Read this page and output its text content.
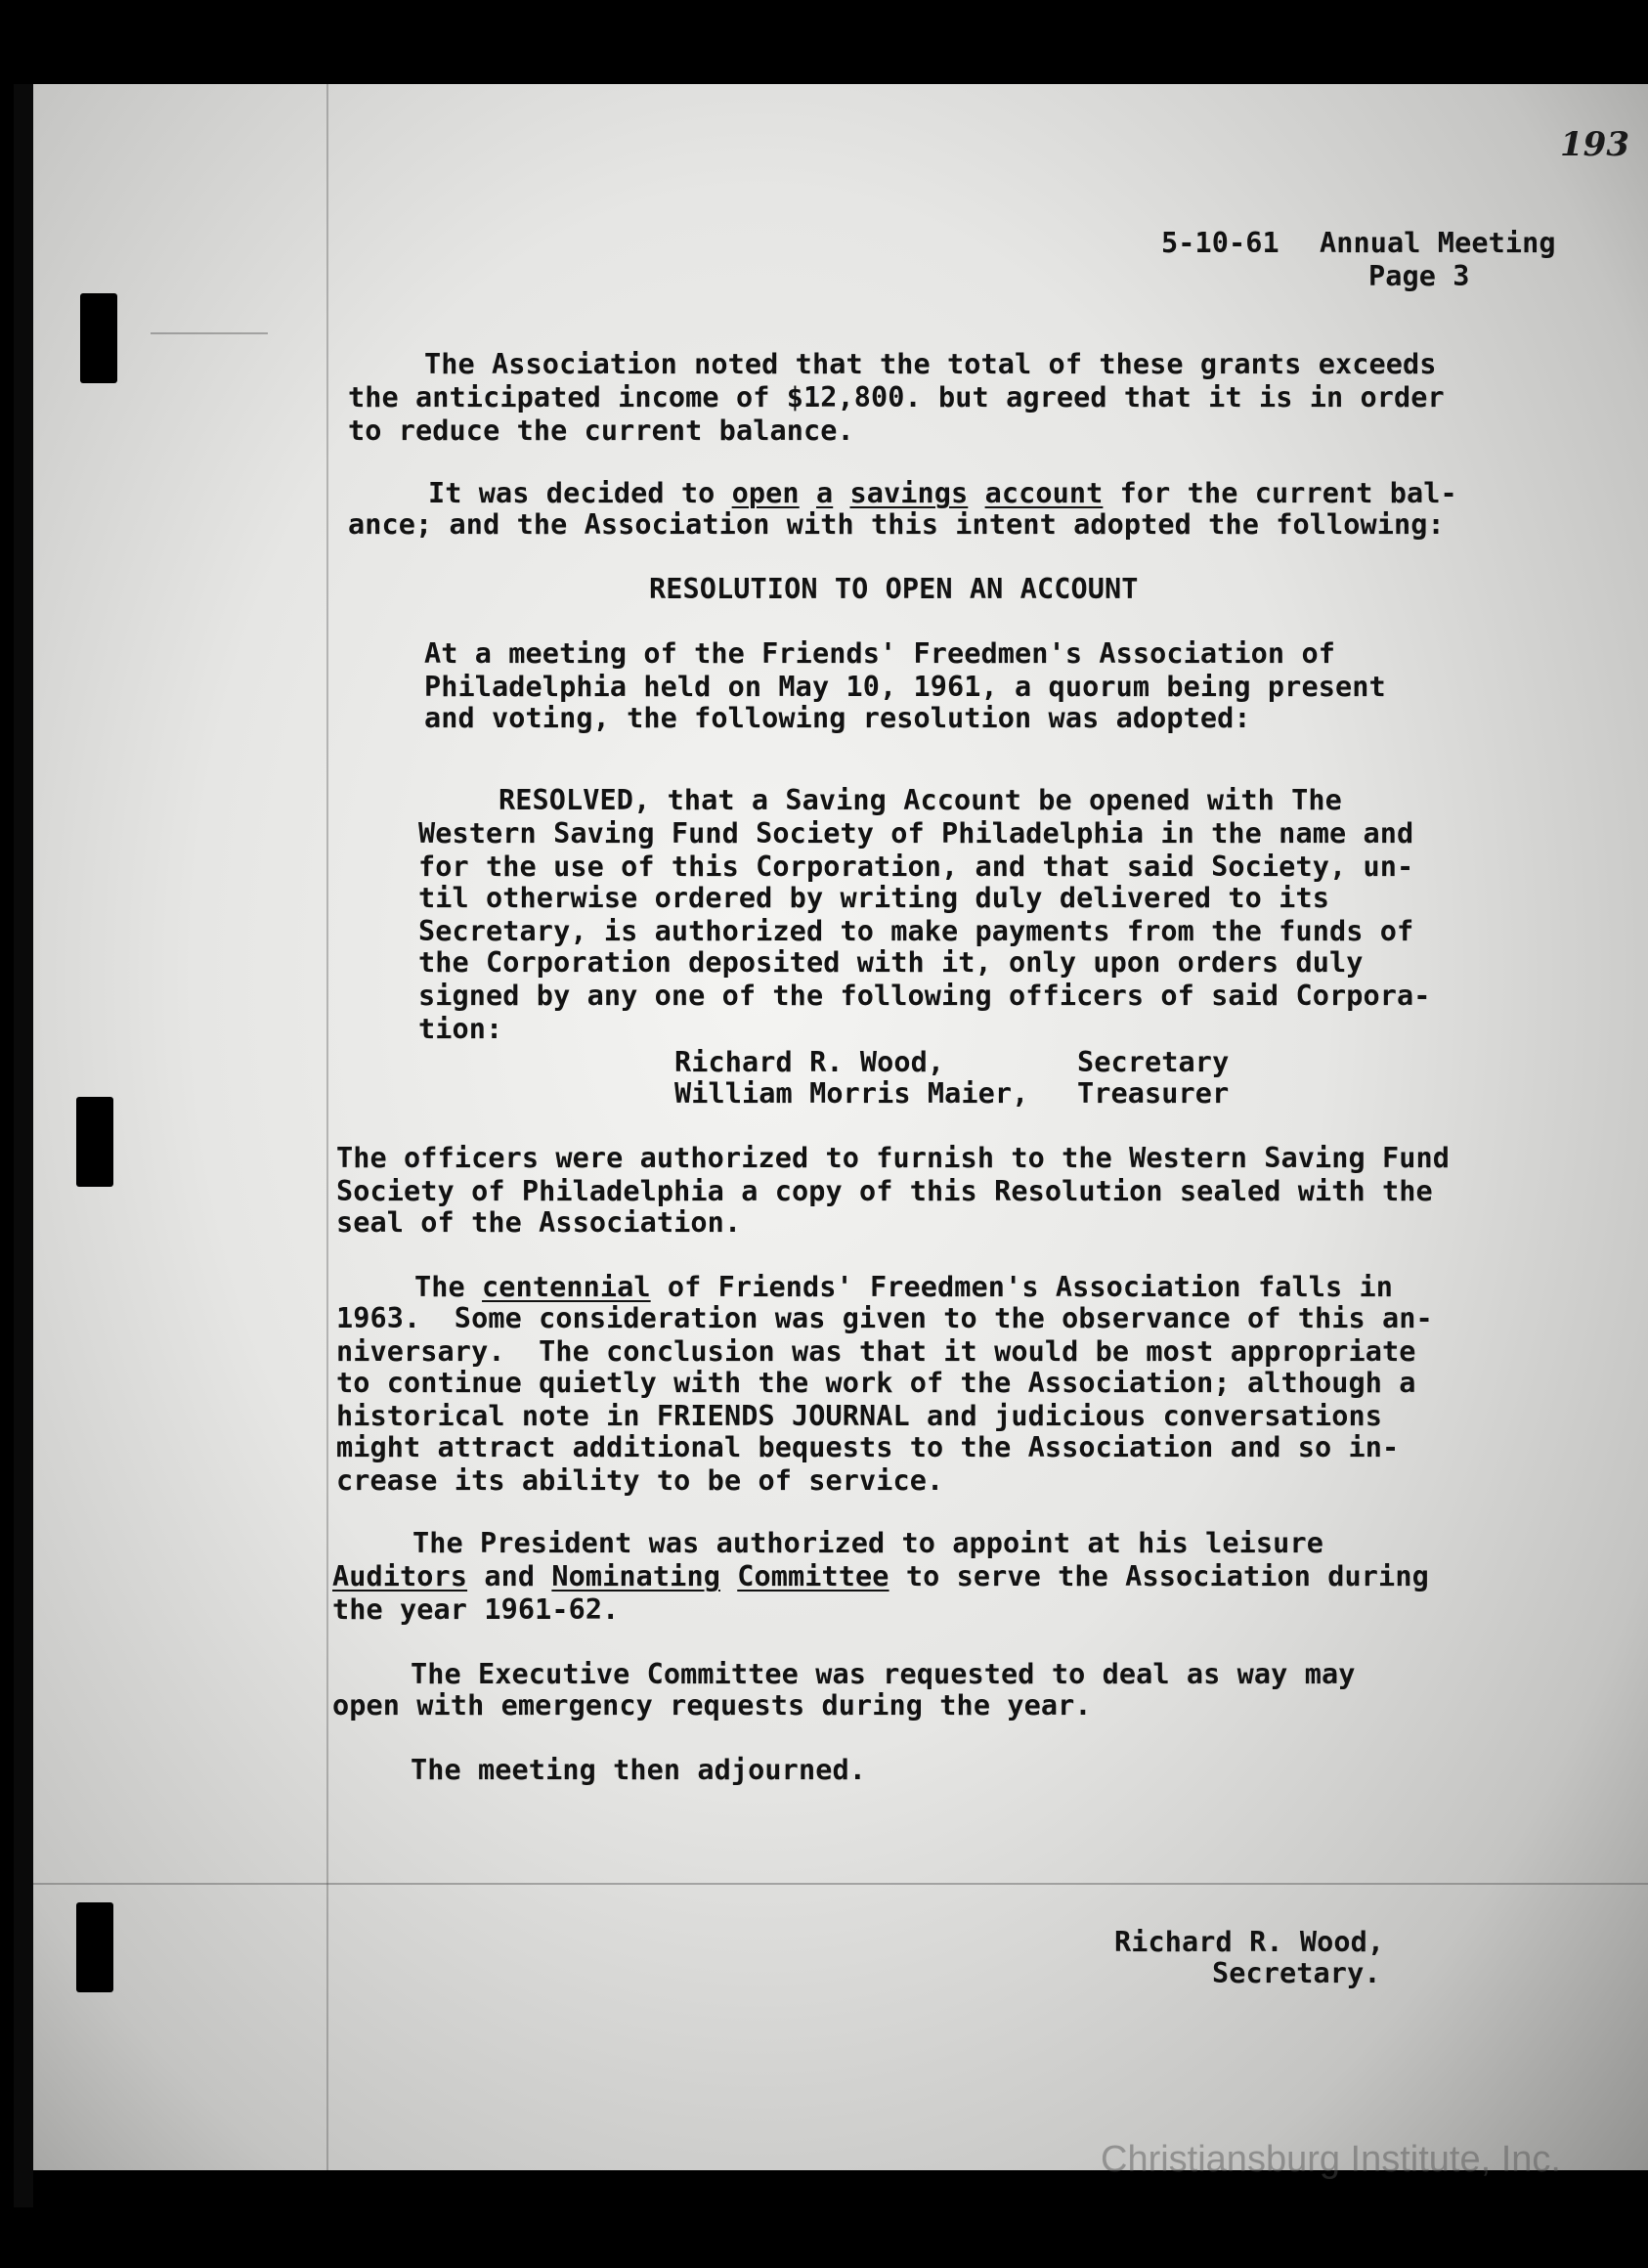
193
5-10-61 Annual Meeting
Page 3
The Association noted that the total of these grants exceeds
the anticipated income of $12,800. but agreed that it is in order
to reduce the current balance.
It was decided to open a savings account for the current bal-
ance; and the Association with this intent adopted the following:
RESOLUTION TO OPEN AN ACCOUNT
At a meeting of the Friends' Freedmen's Association of
Philadelphia held on May 10, 1961, a quorum being present
and voting, the following resolution was adopted:
RESOLVED, that a Saving Account be opened with The
Western Saving Fund Society of Philadelphia in the name and
for the use of this Corporation, and that said Society, un-
til otherwise ordered by writing duly delivered to its
Secretary, is authorized to make payments from the funds of
the Corporation deposited with it, only upon orders duly
signed by any one of the following officers of said Corpora-
tion:
Richard R. Wood,	Secretary
William Morris Maier, Treasurer
The officers were authorized to furnish to the Western Saving Fund
Society of Philadelphia a copy of this Resolution sealed with the
seal of the Association.
The centennial of Friends' Freedmen's Association falls in
1963.  Some consideration was given to the observance of this an-
niversary.  The conclusion was that it would be most appropriate
to continue quietly with the work of the Association; although a
historical note in FRIENDS JOURNAL and judicious conversations
might attract additional bequests to the Association and so in-
crease its ability to be of service.
The President was authorized to appoint at his leisure
Auditors and Nominating Committee to serve the Association during
the year 1961-62.
The Executive Committee was requested to deal as way may
open with emergency requests during the year.
The meeting then adjourned.
Richard R. Wood,
Secretary.
Christiansburg Institute, Inc.
